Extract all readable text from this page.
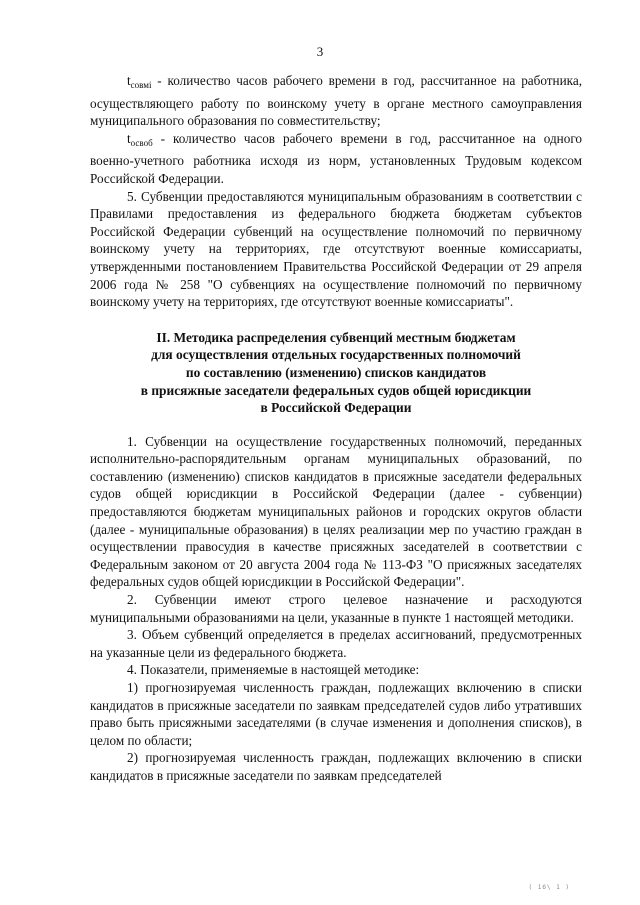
3

$t_{совмi}$ - количество часов рабочего времени в год, рассчитанное на работника, осуществляющего работу по воинскому учету в органе местного самоуправления муниципального образования по совместительству;

$t_{освоб}$ - количество часов рабочего времени в год, рассчитанное на одного военно-учетного работника исходя из норм, установленных Трудовым кодексом Российской Федерации.

5. Субвенции предоставляются муниципальным образованиям в соответствии с Правилами предоставления из федерального бюджета бюджетам субъектов Российской Федерации субвенций на осуществление полномочий по первичному воинскому учету на территориях, где отсутствуют военные комиссариаты, утвержденными постановлением Правительства Российской Федерации от 29 апреля 2006 года № 258 "О субвенциях на осуществление полномочий по первичному воинскому учету на территориях, где отсутствуют военные комиссариаты".

II. Методика распределения субвенций местным бюджетам
для осуществления отдельных государственных полномочий
по составлению (изменению) списков кандидатов
в присяжные заседатели федеральных судов общей юрисдикции
в Российской Федерации

1. Субвенции на осуществление государственных полномочий, переданных исполнительно-распорядительным органам муниципальных образований, по составлению (изменению) списков кандидатов в присяжные заседатели федеральных судов общей юрисдикции в Российской Федерации (далее - субвенции) предоставляются бюджетам муниципальных районов и городских округов области (далее - муниципальные образования) в целях реализации мер по участию граждан в осуществлении правосудия в качестве присяжных заседателей в соответствии с Федеральным законом от 20 августа 2004 года № 113-ФЗ "О присяжных заседателях федеральных судов общей юрисдикции в Российской Федерации".

2. Субвенции имеют строго целевое назначение и расходуются муниципальными образованиями на цели, указанные в пункте 1 настоящей методики.

3. Объем субвенций определяется в пределах ассигнований, предусмотренных на указанные цели из федерального бюджета.

4. Показатели, применяемые в настоящей методике:

1) прогнозируемая численность граждан, подлежащих включению в списки кандидатов в присяжные заседатели по заявкам председателей судов либо утративших право быть присяжными заседателями (в случае изменения и дополнения списков), в целом по области;

2) прогнозируемая численность граждан, подлежащих включению в списки кандидатов в присяжные заседатели по заявкам председателей

( 1б\ 1 )
